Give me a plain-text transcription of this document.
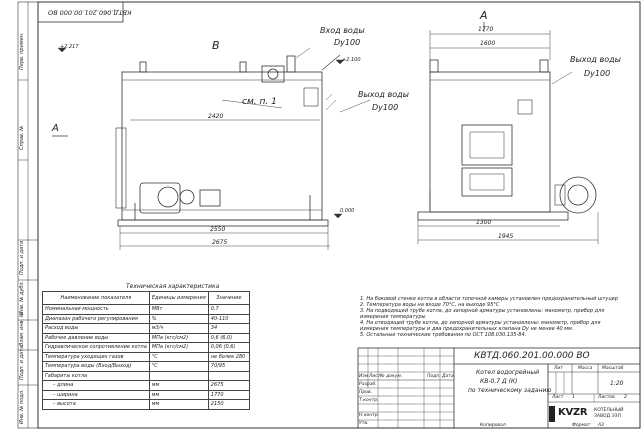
КВТД.060.201.00.000 ВО
Перв. примен.
Справ. №
Подп. и дата
Инв. № дубл.
Взам. инв. №
Подп. и дата
Инв. № подл.
В
А
А
Вход воды
Dy100
Выход воды
Dy100
Выход воды
Dy100
см. п. 1
+2.217
+2.100
0.000
2420
2550
2675
1770
1600
1300
1945
Техническая характеристика
Наименование показателя	Единицы измерения	Значение
Номинальная мощность	МВт	0,7
Диапазон рабочего регулирования	%	40-110
Расход воды	м3/ч	34
Рабочее давление воды	МПа (кгс/см2)	0,6 (6,0)
Гидравлическое сопротивление котла	МПа (кгс/см2)	0,06 (0,6)
Температура уходящих газов	°С	не более 280
Температура воды (Вход/Выход)	°С	70/95
Габариты котла		
– длина	мм	2675
– ширина	мм	1770
– высота	мм	2150
1. На боковой стенке котла в области топочной камеры установлен предохранительный штуцер
2. Температура воды на входе 70°С, на выходе 95°С
3. На подводящей трубе котла, до запорной арматуры установлены: манометр, прибор для
измерения температуры
4. На отводящей трубе котла, до запорной арматуры установлены: манометр, прибор для
измерения температуры и два предохранительных клапана Dy не менее 40 мм.
5. Остальные технические требования по ОСТ 108.030.135-84.
КВТД.060.201.00.000 ВО
Котел водогрейный
КВ-0,7 Д (К)
по техническому заданию
Изм Лист № докум.	Подп. Дата
Разраб.
Пров.
Т.контр.
Н.контр.
Утв.
Лит	Масса Масштаб
1:20
Лист 1	Листов 2
KVZR КОТЕЛЬНЫЙ
ЗАВОД ЭЗП
Копировал	Формат А3
